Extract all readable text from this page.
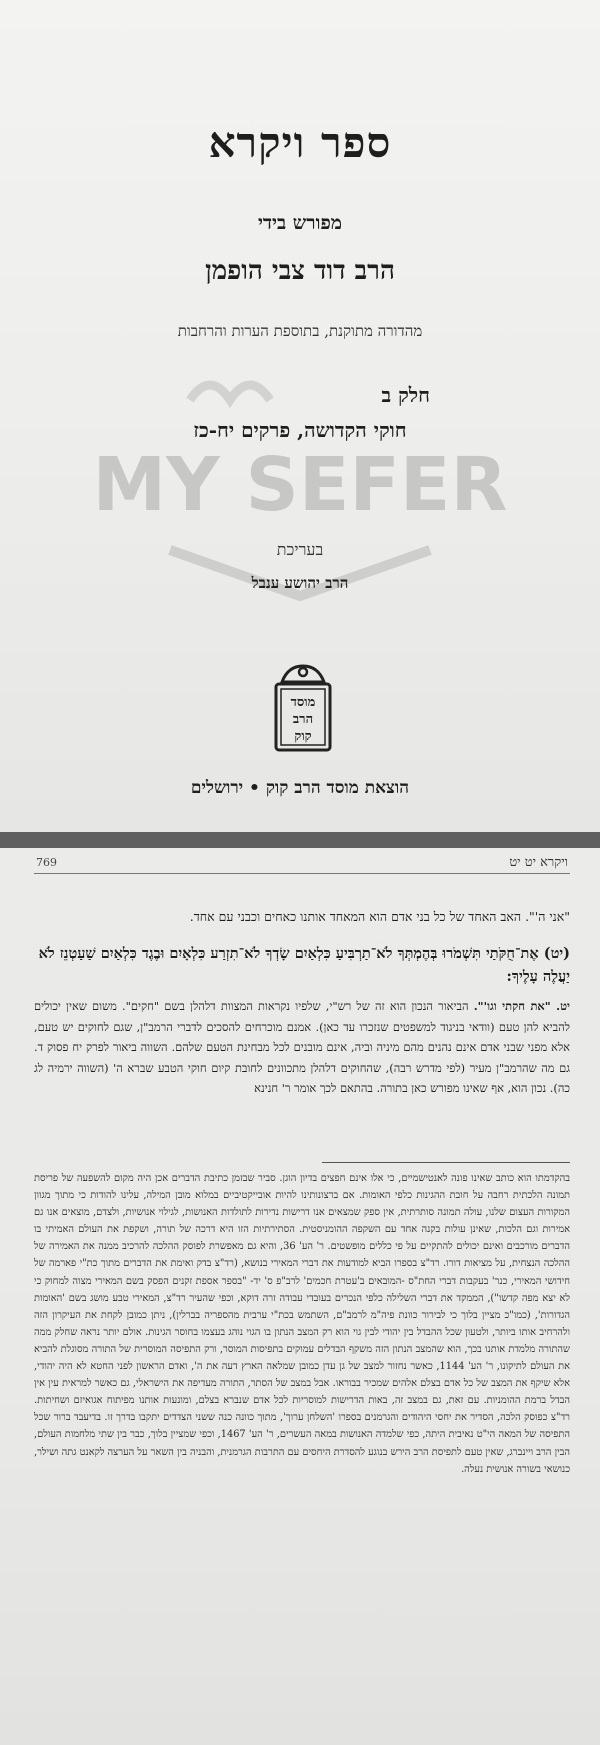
MY SEFER
ספר ויקרא

מפורש בידי

הרב דוד צבי הופמן

מהדורה מתוקנת, בתוספת הערות והרחבות

חלק ב

חוקי הקדושה, פרקים יח-כז

בעריכת

הרב יהושע ענבל

מוסד
הרב
קוק

הוצאת מוסד הרב קוק • ירושלים

ויקרא יט יט
769

"אני ה'". האב האחד של כל בני אדם הוא המאחד אותנו כאחים וכבני עם אחד.

(יט) אֶת־חֻקֹּתַי תִּשְׁמֹרוּ בְּהֶמְתְּךָ לֹא־תַרְבִּיעַ כִּלְאַיִם שָׂדְךָ לֹא־תִזְרַע כִּלְאָיִם וּבֶגֶד כִּלְאַיִם שַׁעַטְנֵז לֹא יַעֲלֶה עָלֶיךָ:

יט. "את חקתי וגו'". הביאור הנכון הוא זה של רש"י, שלפיו נקראות המצוות דלהלן בשם "חקים". משום שאין יכולים להביא להן טעם (וודאי בניגוד למשפטים שנזכרו עד כאן). אמנם מוכרחים להסכים לדברי הרמב"ן, שגם לחוקים יש טעם, אלא מפני שבני אדם אינם נהנים מהם מיניה וביה, אינם מובנים לכל מבחינת הטעם שלהם. השווה ביאור לפרק יח פסוק ד. גם מה שהרמב"ן מעיר (לפי מדרש רבה), שהחוקים דלהלן מתכוונים לחובת קיום חוקי הטבע שברא ה' (השווה ירמיה לג כה). נכון הוא, אף שאינו מפורש כאן בתורה. בהתאם לכך אומר ר' חנינא

בהקדמתו הוא כותב שאינו פונה לאנטישמיים, כי אלו אינם חפצים בדיון הוגן. סביר שבזמן כתיבת הדברים אכן היה מקום להשפעה של פריסת תמונה הלכתית רחבה על חובת ההגינות כלפי האומות. אם ברצונותינו להיות אובייקטיביים במלוא מובן המילה, עלינו להודות כי מתוך מגוון המקורות העצום שלנו, עולה תמונה סותרתית, אין ספק שמצאים אנו דרישות נדירות לתולדות האנושות, לגילוי אנושיות, ולצדם, מוצאים אנו גם אמירות וגם הלכות, שאינן עולות בקנה אחד עם השקפה ההומניסטית. הסתירתיות הזו היא דרכה של תורה, ושקפת את העולם האמיתי בו הדברים מורכבים ואינם יכולים להתקיים על פי כללים מופשטים. ר' הע' 36, והיא גם מאפשרת לפוסק ההלכה להרכיב ממנה את האמירה של ההלכה הנצחית, על מציאות דורו. רד"צ בספרו הביא למודעות את דברי המאירי בנושא, (רד"צ בדק ואימת את הדברים מתוך כת"י פארמה של חידושי המאירי, כנר' בעקבות דברי החת"ס -המובאים ב'עטרת חכמים' לרב"פ ס' יד- "בספר אספת זקנים הפסק בשם המאירי מצוה למחוק כי לא יצא מפה קדשו"), הממקד את דברי השלילה כלפי הנכרים בעובדי עבודה זרה דוקא, וכפי שהעיר רד"צ, המאירי טבע מושג בשם 'האומות הגדורות', (כמו"כ מציין בלוך כי לבירור כוונת פיה"מ לרמב"ם, השתמש בכת"י ערבית מהספריה בברלין), ניתן כמובן לקחת את העיקרון הזה ולהרחיב אותו ביותר, ולטעון שכל ההבדל בין יהודי לבין גוי הוא רק המצב הנתון בו הגוי נוהג בעצמו בחוסר הגינות. אולם יותר נראה שחלק ממה שהתורה מלמדת אותנו בכך, הוא שהמצב הנתון הזה משקף הבדלים עמוקים בתפיסות המוסר, ורק התפיסה המוסרית של התורה מסוגלת להביא את העולם לתיקונו, ר' הע' 1144, כאשר נחזור למצב של גן עדן כמובן שמלאה הארץ דעה את ה', ואדם הראשון לפני החטא לא היה יהודי, אלא שיקף את המצב של כל אדם בצלם אלהים שמכיר בבוראו. אבל במצב של הסתר, התורה מעדיפה את הישראלי, גם כאשר למראית עין אין הבדל ברמת ההומניות. עם זאת, גם במצב זה, באות הדרישות למוסריות לכל אדם שנברא בצלם, ומונעות אותנו מפיתוח אגואיזם ושחיתות. רד"צ כפוסק הלכה, הסדיר את יחסי היהודים והגרמנים בספרו 'השלחן ערוך', מתוך כוונה כנה ששני הצדדים יתקבו בדרך זו. בדיעבד ברור שכל התפיסה של המאה הי"ט נאיבית היתה, כפי שלמדה האנושות במאה העשרים, ר' הע' 1467, וכפי שמציין בלוך, כבר בין שתי מלחמות העולם, הבין הרב ויינברג, שאין טעם לתפיסת הרב הירש בנוגע להסדרת היחסים עם התרבות הגרמנית, והבניה בין השאר על הערצה לקאנט גתה ושילר, כנושאי בשורה אנושית נעלה.
